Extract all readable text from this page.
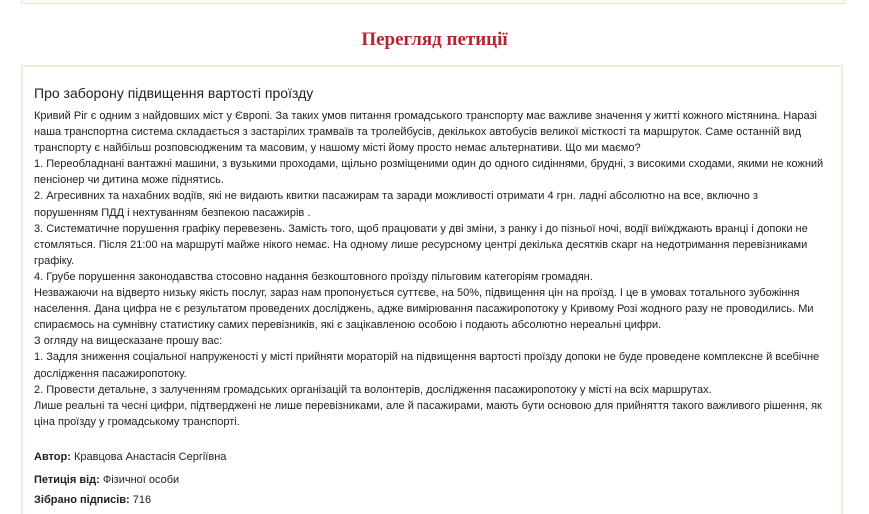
Перегляд петиції
Про заборону підвищення вартості проїзду

Кривий Ріг є одним з найдовших міст у Європі. За таких умов питання громадського транспорту має важливе значення у житті кожного містянина. Наразі наша транспортна система складається з застарілих трамваїв та тролейбусів, декількох автобусів великої місткості та маршруток. Саме останній вид транспорту є найбільш розповсюдженим та масовим, у нашому місті йому просто немає альтернативи. Що ми маємо?

1. Переобладнані вантажні машини, з вузькими проходами, щільно розміщеними один до одного сидіннями, брудні, з високими сходами, якими не кожний пенсіонер чи дитина може піднятись.

2. Агресивних та нахабних водіїв, які не видають квитки пасажирам та заради можливості отримати 4 грн. ладні абсолютно на все, включно з порушенням ПДД і нехтуванням безпекою пасажирів .

3. Систематичне порушення графіку перевезень. Замість того, щоб працювати у дві зміни, з ранку і до пізньої ночі, водії виїжджають вранці і допоки не стомляться. Після 21:00 на маршруті майже нікого немає. На одному лише ресурсному центрі декілька десятків скарг на недотримання перевізниками графіку.

4. Грубе порушення законодавства стосовно надання безкоштовного проїзду пільговим категоріям громадян.

Незважаючи на відверто низьку якість послуг, зараз нам пропонується суттєве, на 50%, підвищення цін на проїзд. І це в умовах тотального зубожіння населення. Дана цифра не є результатом проведених досліджень, адже вимірювання пасажиропотоку у Кривому Розі жодного разу не проводились. Ми спираємось на сумнівну статистику самих перевізників, які є зацікавленою особою і подають абсолютно нереальні цифри.

З огляду на вищесказане прошу вас:

1. Задля зниження соціальної напруженості у місті прийняти мораторій на підвищення вартості проїзду допоки не буде проведене комплексне й всебічне дослідження пасажиропотоку.

2. Провести детальне, з залученням громадських організацій та волонтерів, дослідження пасажиропотоку у місті на всіх маршрутах.

Лише реальні та чесні цифри, підтверджені не лише перевізниками, але й пасажирами, мають бути основою для прийняття такого важливого рішення, як ціна проїзду у громадському транспорті.

Автор: Кравцова Анастасія Сергіївна
Петиція від: Фізичної особи
Зібрано підписів: 716
